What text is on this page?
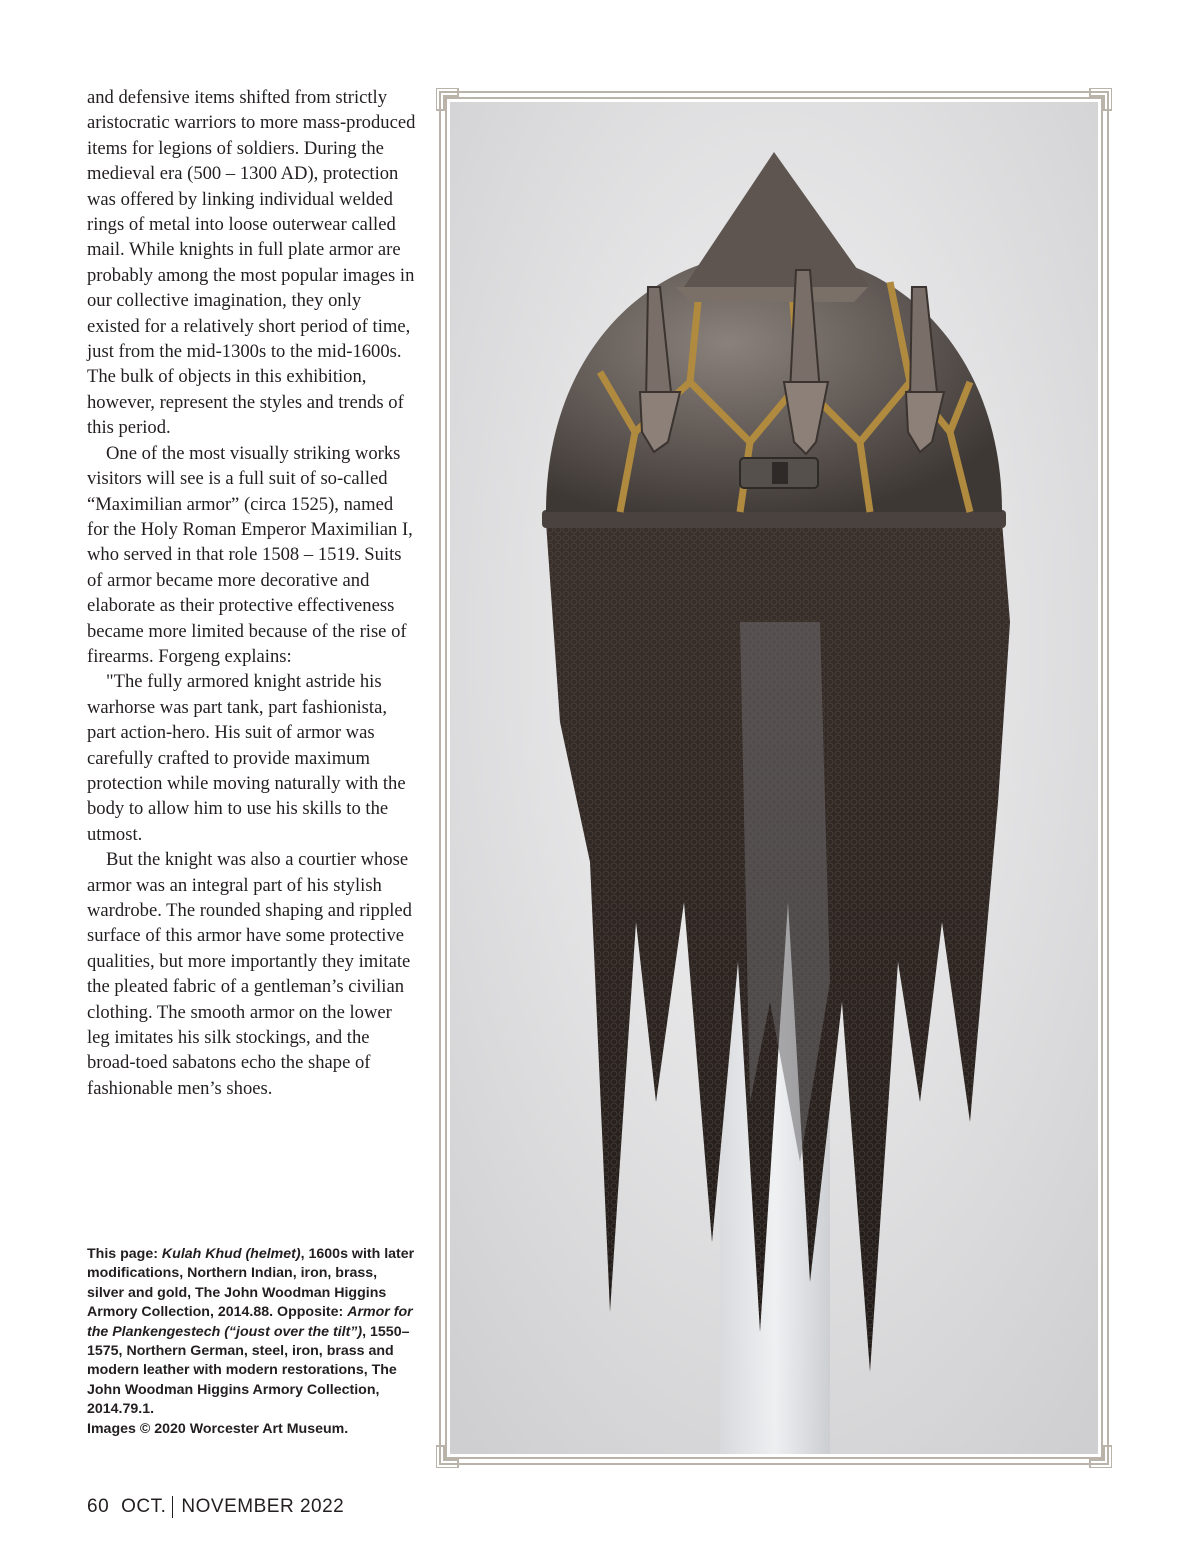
and defensive items shifted from strictly aristocratic warriors to more mass-produced items for legions of soldiers. During the medieval era (500 – 1300 AD), protection was offered by linking individual welded rings of metal into loose outerwear called mail. While knights in full plate armor are probably among the most popular images in our collective imagination, they only existed for a relatively short period of time, just from the mid-1300s to the mid-1600s. The bulk of objects in this exhibition, however, represent the styles and trends of this period.

One of the most visually striking works visitors will see is a full suit of so-called “Maximilian armor” (circa 1525), named for the Holy Roman Emperor Maximilian I, who served in that role 1508 – 1519. Suits of armor became more decorative and elaborate as their protective effectiveness became more limited because of the rise of firearms. Forgeng explains:

"The fully armored knight astride his warhorse was part tank, part fashionista, part action-hero. His suit of armor was carefully crafted to provide maximum protection while moving naturally with the body to allow him to use his skills to the utmost.

But the knight was also a courtier whose armor was an integral part of his stylish wardrobe. The rounded shaping and rippled surface of this armor have some protective qualities, but more importantly they imitate the pleated fabric of a gentleman’s civilian clothing. The smooth armor on the lower leg imitates his silk stockings, and the broad-toed sabatons echo the shape of fashionable men’s shoes.

This page: Kulah Khud (helmet), 1600s with later modifications, Northern Indian, iron, brass, silver and gold, The John Woodman Higgins Armory Collection, 2014.88. Opposite: Armor for the Plankengestech (“joust over the tilt”), 1550–1575, Northern German, steel, iron, brass and modern leather with modern restorations, The John Woodman Higgins Armory Collection, 2014.79.1.
Images © 2020 Worcester Art Museum.
60 OCT. NOVEMBER 2022
